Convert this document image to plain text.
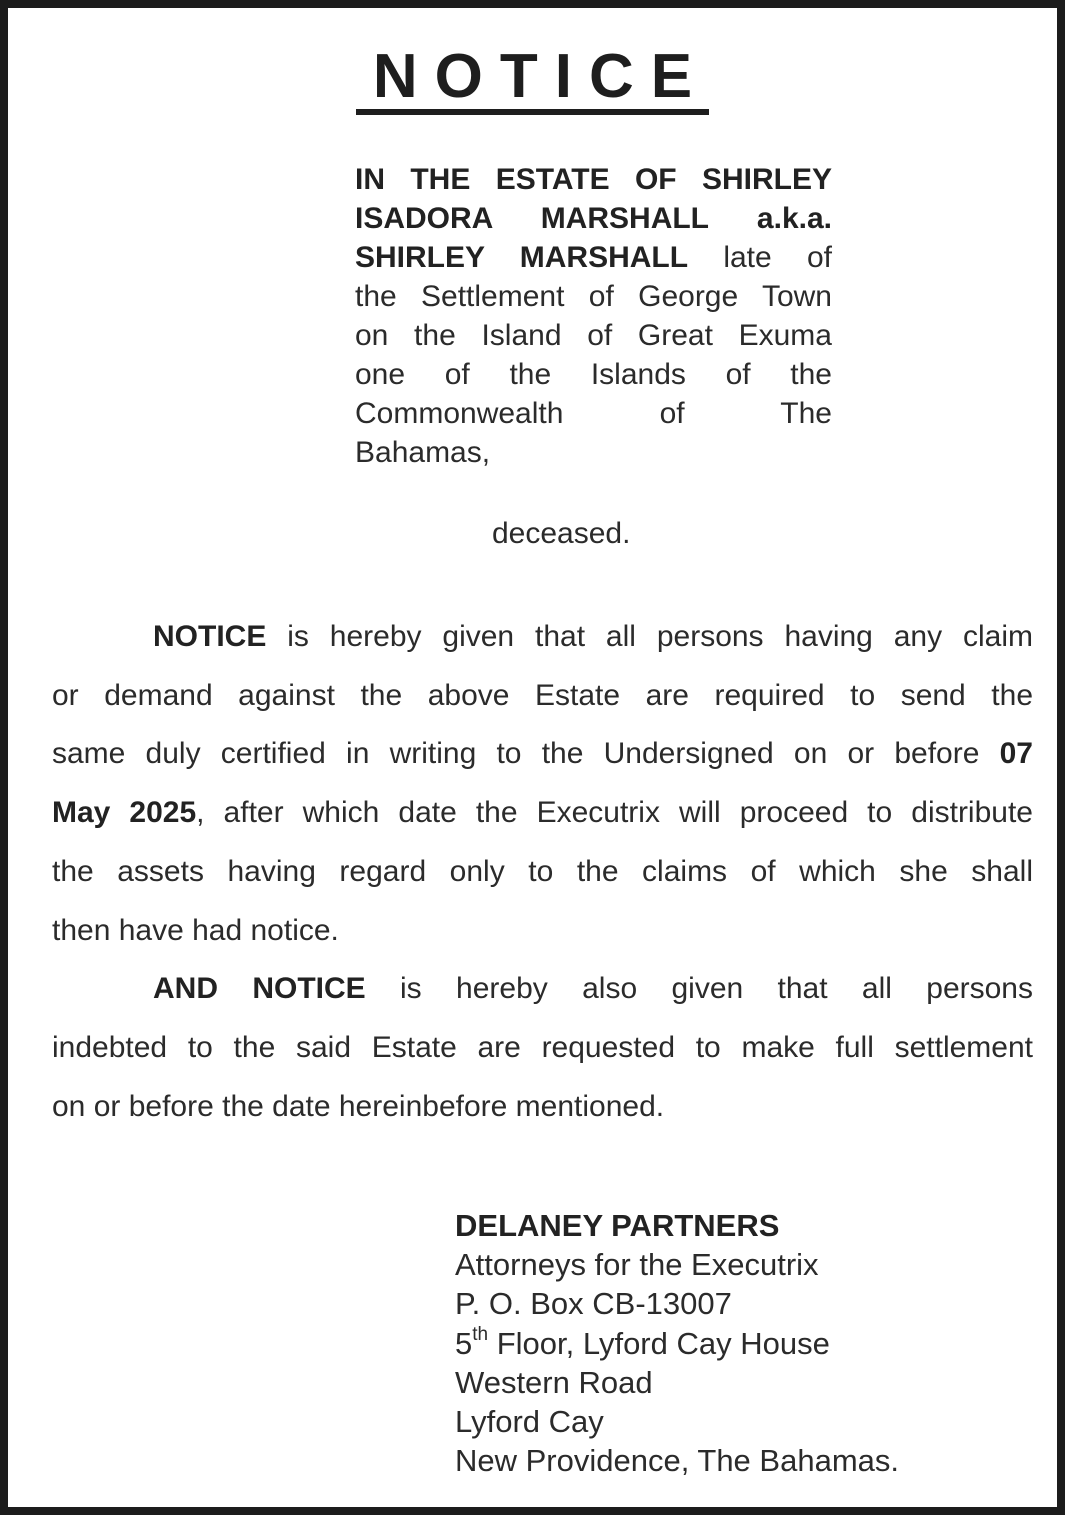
NOTICE
IN THE ESTATE OF SHIRLEY
ISADORA MARSHALL a.k.a.
SHIRLEY MARSHALL late of
the Settlement of George Town
on the Island of Great Exuma
one of the Islands of the
Commonwealth of The
Bahamas,
deceased.
NOTICE is hereby given that all persons having any claim
or demand against the above Estate are required to send the
same duly certified in writing to the Undersigned on or before 07
May 2025, after which date the Executrix will proceed to distribute
the assets having regard only to the claims of which she shall
then have had notice.
AND NOTICE is hereby also given that all persons
indebted to the said Estate are requested to make full settlement
on or before the date hereinbefore mentioned.
DELANEY PARTNERS
Attorneys for the Executrix
P. O. Box CB-13007
5th Floor, Lyford Cay House
Western Road
Lyford Cay
New Providence, The Bahamas.
